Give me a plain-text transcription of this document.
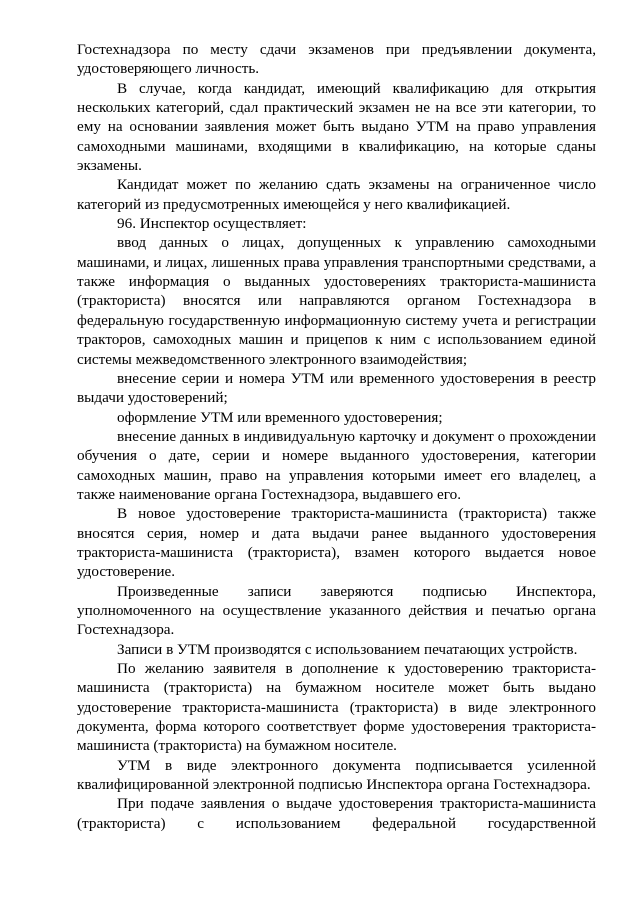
Гостехнадзора по месту сдачи экзаменов при предъявлении документа, удостоверяющего личность.

В случае, когда кандидат, имеющий квалификацию для открытия нескольких категорий, сдал практический экзамен не на все эти категории, то ему на основании заявления может быть выдано УТМ на право управления самоходными машинами, входящими в квалификацию, на которые сданы экзамены.

Кандидат может по желанию сдать экзамены на ограниченное число категорий из предусмотренных имеющейся у него квалификацией.

96. Инспектор осуществляет:

ввод данных о лицах, допущенных к управлению самоходными машинами, и лицах, лишенных права управления транспортными средствами, а также информация о выданных удостоверениях тракториста-машиниста (тракториста) вносятся или направляются органом Гостехнадзора в федеральную государственную информационную систему учета и регистрации тракторов, самоходных машин и прицепов к ним с использованием единой системы межведомственного электронного взаимодействия;

внесение серии и номера УТМ или временного удостоверения в реестр выдачи удостоверений;

оформление УТМ или временного удостоверения;

внесение данных в индивидуальную карточку и документ о прохождении обучения о дате, серии и номере выданного удостоверения, категории самоходных машин, право на управления которыми имеет его владелец, а также наименование органа Гостехнадзора, выдавшего его.

В новое удостоверение тракториста-машиниста (тракториста) также вносятся серия, номер и дата выдачи ранее выданного удостоверения тракториста-машиниста (тракториста), взамен которого выдается новое удостоверение.

Произведенные записи заверяются подписью Инспектора, уполномоченного на осуществление указанного действия и печатью органа Гостехнадзора.

Записи в УТМ производятся с использованием печатающих устройств.

По желанию заявителя в дополнение к удостоверению тракториста-машиниста (тракториста) на бумажном носителе может быть выдано удостоверение тракториста-машиниста (тракториста) в виде электронного документа, форма которого соответствует форме удостоверения тракториста-машиниста (тракториста) на бумажном носителе.

УТМ в виде электронного документа подписывается усиленной квалифицированной электронной подписью Инспектора органа Гостехнадзора.

При подаче заявления о выдаче удостоверения тракториста-машиниста (тракториста) с использованием федеральной государственной
